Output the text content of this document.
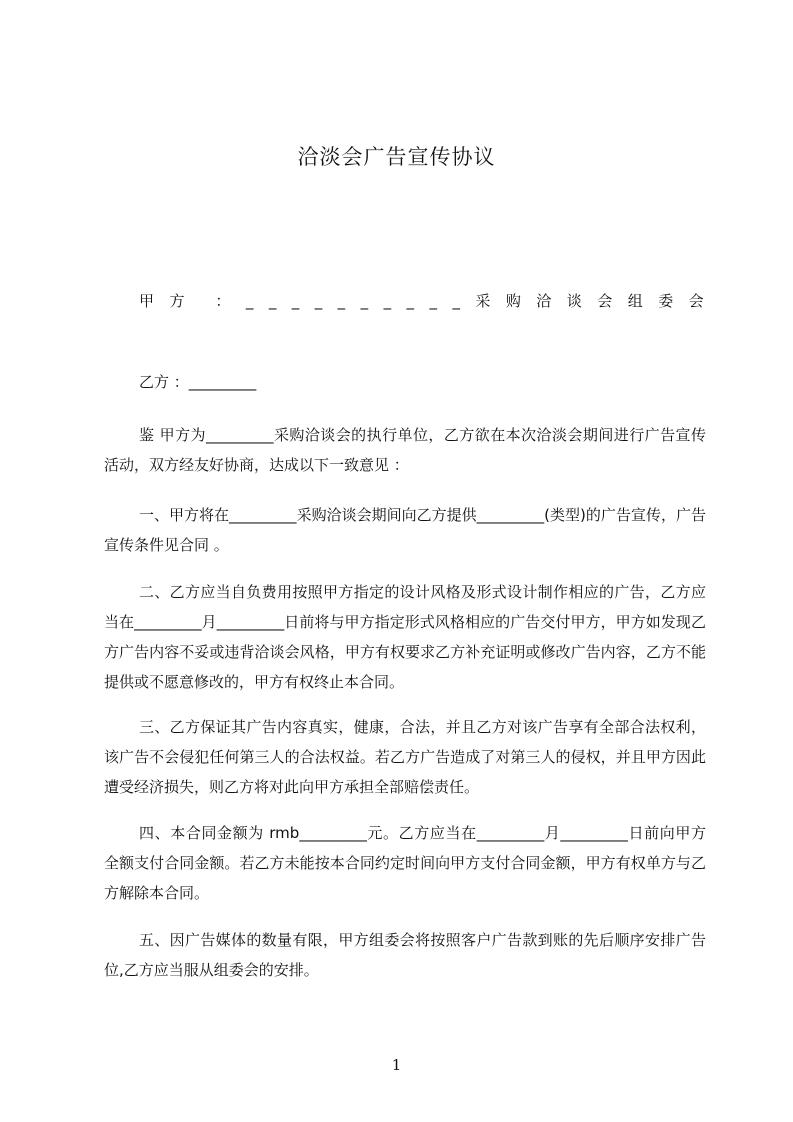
洽淡会广告宣传协议
甲 方 ： _ _ _ _ _ _ _ _ _ _ 采 购 洽 谈 会 组 委 会
乙方 ：_________

鉴 甲方为_________采购洽谈会的执行单位，乙方欲在本次洽淡会期间进行广告宣传活动，双方经友好协商，达成以下一致意见 ：

一、甲方将在_________采购洽谈会期间向乙方提供_________(类型)的广告宣传，广告宣传条件见合同 。

二、乙方应当自负费用按照甲方指定的设计风格及形式设计制作相应的广告，乙方应当在_________月_________日前将与甲方指定形式风格相应的广告交付甲方，甲方如发现乙方广告内容不妥或违背洽谈会风格，甲方有权要求乙方补充证明或修改广告内容，乙方不能提供或不愿意修改的，甲方有权终止本合同。

三、乙方保证其广告内容真实，健康，合法，并且乙方对该广告享有全部合法权利，该广告不会侵犯任何第三人的合法权益。若乙方广告造成了对第三人的侵权，并且甲方因此遭受经济损失，则乙方将对此向甲方承担全部赔偿责任。

四、本合同金额为 rmb_________元。乙方应当在_________月_________日前向甲方全额支付合同金额。若乙方未能按本合同约定时间向甲方支付合同金额，甲方有权单方与乙方解除本合同。

五、因广告媒体的数量有限，甲方组委会将按照客户广告款到账的先后顺序安排广告位,乙方应当服从组委会的安排。

1
